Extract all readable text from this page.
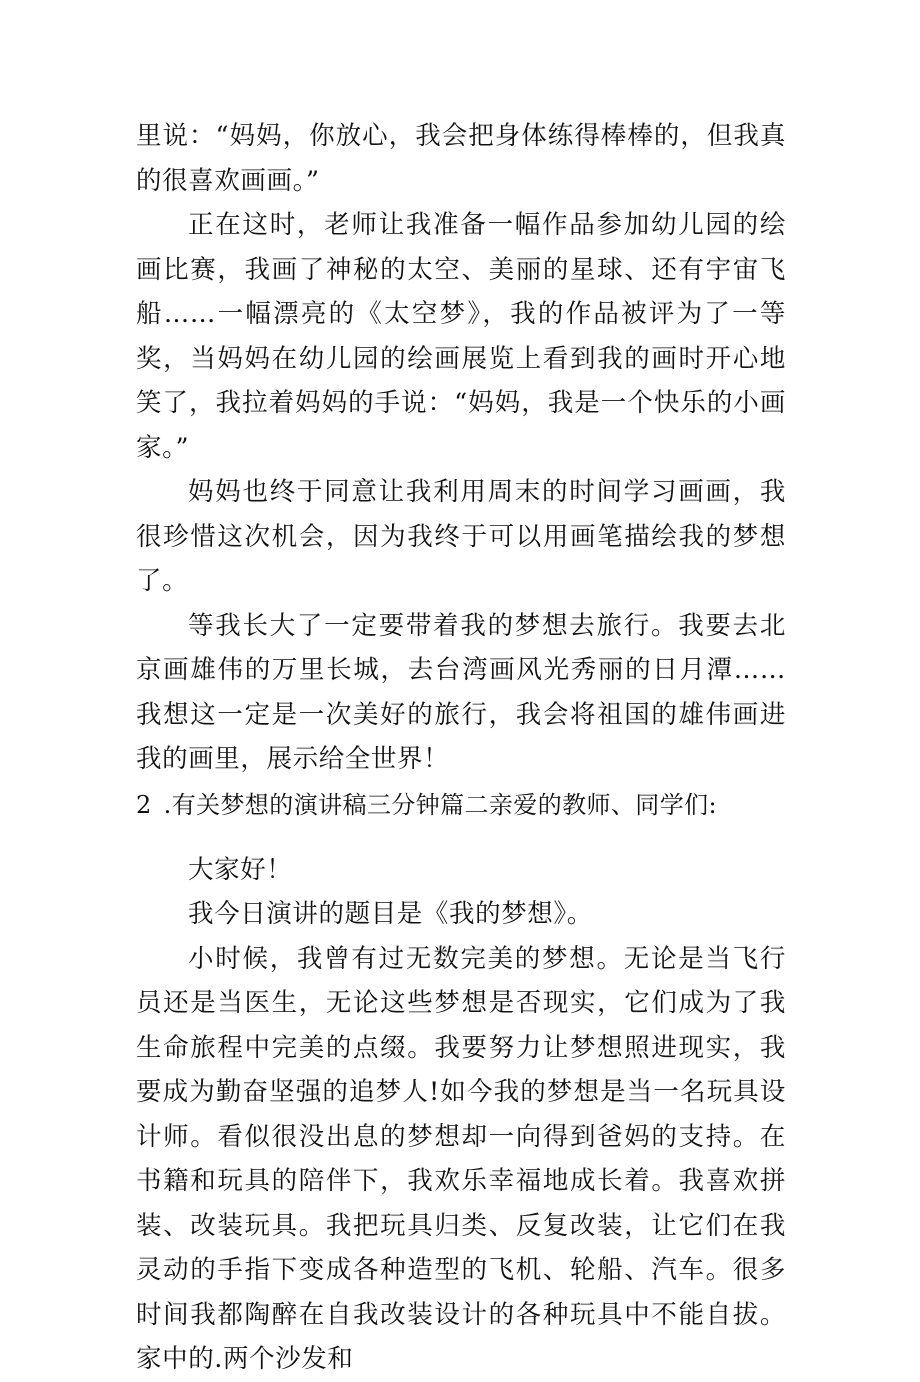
里说：“妈妈，你放心，我会把身体练得棒棒的，但我真的很喜欢画画。”

正在这时，老师让我准备一幅作品参加幼儿园的绘画比赛，我画了神秘的太空、美丽的星球、还有宇宙飞船……一幅漂亮的《太空梦》，我的作品被评为了一等奖，当妈妈在幼儿园的绘画展览上看到我的画时开心地笑了，我拉着妈妈的手说：“妈妈，我是一个快乐的小画家。”

妈妈也终于同意让我利用周末的时间学习画画，我很珍惜这次机会，因为我终于可以用画笔描绘我的梦想了。

等我长大了一定要带着我的梦想去旅行。我要去北京画雄伟的万里长城，去台湾画风光秀丽的日月潭……我想这一定是一次美好的旅行，我会将祖国的雄伟画进我的画里，展示给全世界！

2 .有关梦想的演讲稿三分钟篇二亲爱的教师、同学们:

大家好！

我今日演讲的题目是《我的梦想》。

小时候，我曾有过无数完美的梦想。无论是当飞行员还是当医生，无论这些梦想是否现实，它们成为了我生命旅程中完美的点缀。我要努力让梦想照进现实，我要成为勤奋坚强的追梦人!如今我的梦想是当一名玩具设计师。看似很没出息的梦想却一向得到爸妈的支持。在书籍和玩具的陪伴下，我欢乐幸福地成长着。我喜欢拼装、改装玩具。我把玩具归类、反复改装，让它们在我灵动的手指下变成各种造型的飞机、轮船、汽车。很多时间我都陶醉在自我改装设计的各种玩具中不能自拔。家中的.两个沙发和
